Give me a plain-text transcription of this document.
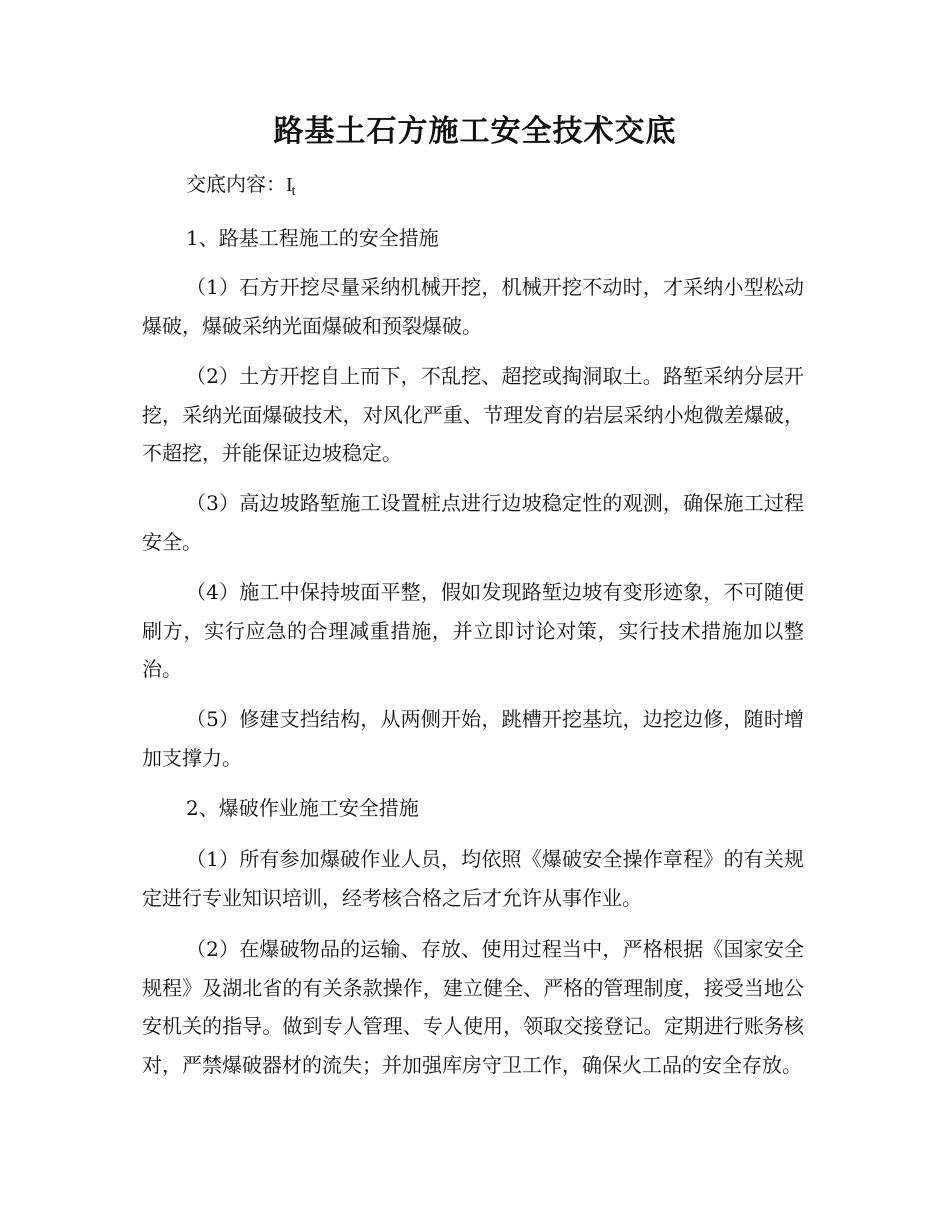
路基土石方施工安全技术交底

交底内容：$I_t$

1、路基工程施工的安全措施

（1）石方开挖尽量采纳机械开挖，机械开挖不动时，才采纳小型松动爆破，爆破采纳光面爆破和预裂爆破。

（2）土方开挖自上而下，不乱挖、超挖或掏洞取土。路堑采纳分层开挖，采纳光面爆破技术，对风化严重、节理发育的岩层采纳小炮微差爆破，不超挖，并能保证边坡稳定。

（3）高边坡路堑施工设置桩点进行边坡稳定性的观测，确保施工过程安全。

（4）施工中保持坡面平整，假如发现路堑边坡有变形迹象，不可随便刷方，实行应急的合理减重措施，并立即讨论对策，实行技术措施加以整治。

（5）修建支挡结构，从两侧开始，跳槽开挖基坑，边挖边修，随时增加支撑力。

2、爆破作业施工安全措施

（1）所有参加爆破作业人员，均依照《爆破安全操作章程》的有关规定进行专业知识培训，经考核合格之后才允许从事作业。

（2）在爆破物品的运输、存放、使用过程当中，严格根据《国家安全规程》及湖北省的有关条款操作，建立健全、严格的管理制度，接受当地公安机关的指导。做到专人管理、专人使用，领取交接登记。定期进行账务核对，严禁爆破器材的流失；并加强库房守卫工作，确保火工品的安全存放。
